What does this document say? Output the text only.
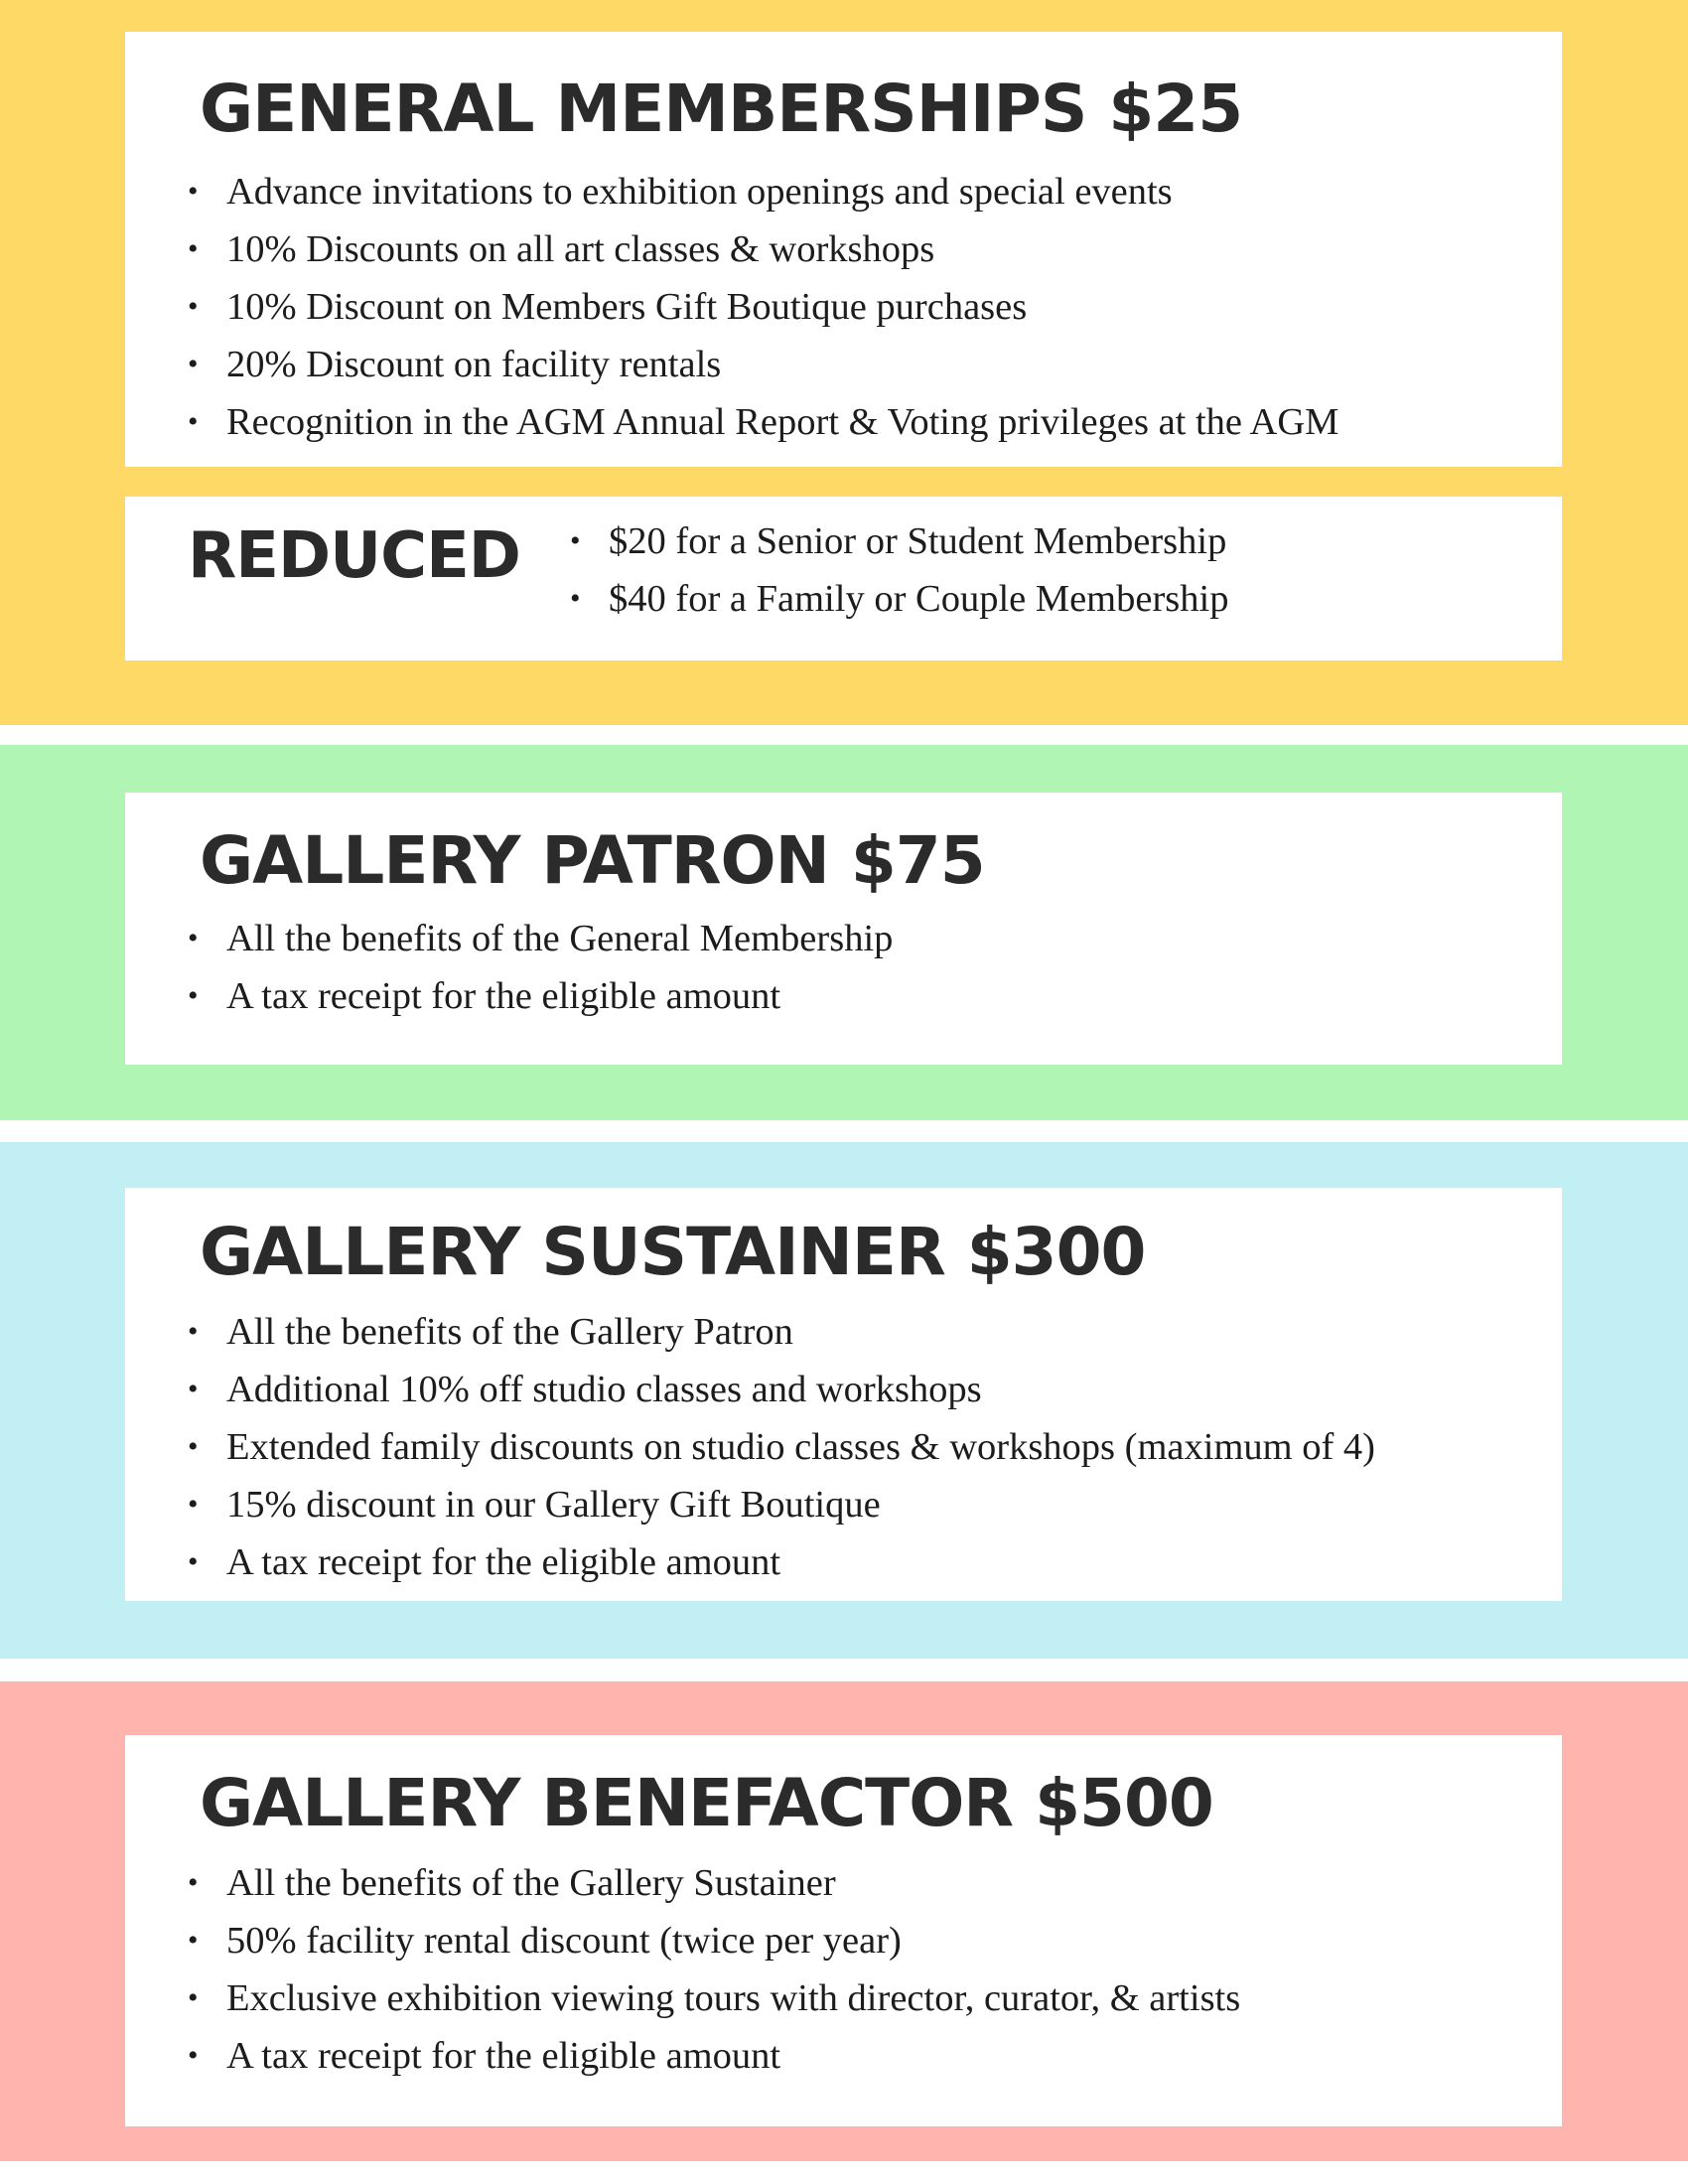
GENERAL MEMBERSHIPS $25
• Advance invitations to exhibition openings and special events
• 10% Discounts on all art classes & workshops
• 10% Discount on Members Gift Boutique purchases
• 20% Discount on facility rentals
• Recognition in the AGM Annual Report & Voting privileges at the AGM
REDUCED
•	$20 for a Senior or Student Membership
• $40 for a Family or Couple Membership
GALLERY PATRON $75
• All the benefits of the General Membership
• A tax receipt for the eligible amount
GALLERY SUSTAINER $300
• All the benefits of the Gallery Patron
• Additional 10% off studio classes and workshops
• Extended family discounts on studio classes & workshops (maximum of 4)
• 15% discount in our Gallery Gift Boutique
• A tax receipt for the eligible amount
GALLERY BENEFACTOR $500
• All the benefits of the Gallery Sustainer
• 50% facility rental discount (twice per year)
• Exclusive exhibition viewing tours with director, curator, & artists
• A tax receipt for the eligible amount
